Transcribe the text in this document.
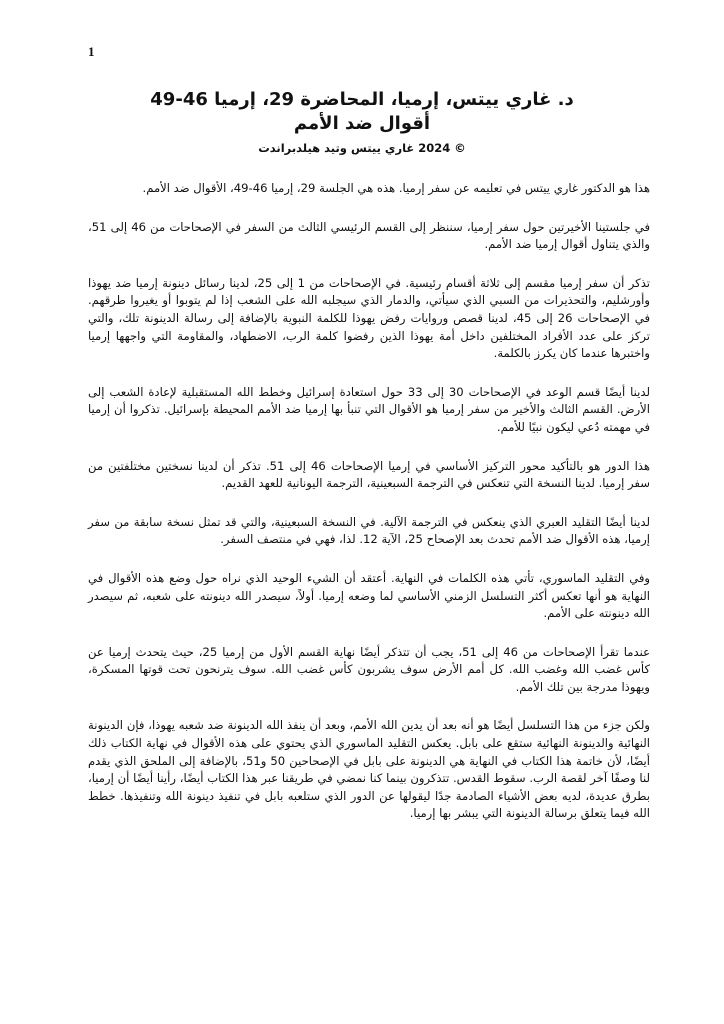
1
د. غاري ييتس، إرميا، المحاضرة 29، إرميا 46-49
أقوال ضد الأمم
© 2024 غاري ييتس وتيد هيلدبراندت

هذا هو الدكتور غاري ييتس في تعليمه عن سفر إرميا. هذه هي الجلسة 29، إرميا 46-49، الأقوال ضد الأمم.

في جلستينا الأخيرتين حول سفر إرميا، سننظر إلى القسم الرئيسي الثالث من السفر في الإصحاحات من 46 إلى 51، والذي يتناول أقوال إرميا ضد الأمم.

تذكر أن سفر إرميا مقسم إلى ثلاثة أقسام رئيسية. في الإصحاحات من 1 إلى 25، لدينا رسائل دينونة إرميا ضد يهوذا وأورشليم، والتحذيرات من السبي الذي سيأتي، والدمار الذي سيجلبه الله على الشعب إذا لم يتوبوا أو يغيروا طرقهم. في الإصحاحات 26 إلى 45، لدينا قصص وروايات رفض يهوذا للكلمة النبوية بالإضافة إلى رسالة الدينونة تلك، والتي تركز على عدد الأفراد المختلفين داخل أمة يهوذا الذين رفضوا كلمة الرب، الاضطهاد، والمقاومة التي واجهها إرميا واختبرها عندما كان يكرز بالكلمة.

لدينا أيضًا قسم الوعد في الإصحاحات 30 إلى 33 حول استعادة إسرائيل وخطط الله المستقبلية لإعادة الشعب إلى الأرض. القسم الثالث والأخير من سفر إرميا هو الأقوال التي تنبأ بها إرميا ضد الأمم المحيطة بإسرائيل. تذكروا أن إرميا في مهمته دُعي ليكون نبيًا للأمم.

هذا الدور هو بالتأكيد محور التركيز الأساسي في إرميا الإصحاحات 46 إلى 51. تذكر أن لدينا نسختين مختلفتين من سفر إرميا. لدينا النسخة التي تنعكس في الترجمة السبعينية، الترجمة اليونانية للعهد القديم.

لدينا أيضًا التقليد العبري الذي ينعكس في الترجمة الآلية. في النسخة السبعينية، والتي قد تمثل نسخة سابقة من سفر إرميا، هذه الأقوال ضد الأمم تحدث بعد الإصحاح 25، الآية 12. لذا، فهي في منتصف السفر.

وفي التقليد الماسوري، تأتي هذه الكلمات في النهاية. أعتقد أن الشيء الوحيد الذي نراه حول وضع هذه الأقوال في النهاية هو أنها تعكس أكثر التسلسل الزمني الأساسي لما وضعه إرميا. أولاً، سيصدر الله دينونته على شعبه، ثم سيصدر الله دينونته على الأمم.

عندما تقرأ الإصحاحات من 46 إلى 51، يجب أن تتذكر أيضًا نهاية القسم الأول من إرميا 25، حيث يتحدث إرميا عن كأس غضب الله وغضب الله. كل أمم الأرض سوف يشربون كأس غضب الله. سوف يترنحون تحت قوتها المسكرة، ويهوذا مدرجة بين تلك الأمم.

ولكن جزء من هذا التسلسل أيضًا هو أنه بعد أن يدين الله الأمم، وبعد أن ينفذ الله الدينونة ضد شعبه يهوذا، فإن الدينونة النهائية والدينونة النهائية ستقع على بابل. يعكس التقليد الماسوري الذي يحتوي على هذه الأقوال في نهاية الكتاب ذلك أيضًا، لأن خاتمة هذا الكتاب في النهاية هي الدينونة على بابل في الإصحاحين 50 و51، بالإضافة إلى الملحق الذي يقدم لنا وصفًا آخر لقصة الرب. سقوط القدس. تتذكرون بينما كنا نمضي في طريقنا عبر هذا الكتاب أيضًا، رأينا أيضًا أن إرميا، بطرق عديدة، لديه بعض الأشياء الصادمة جدًا ليقولها عن الدور الذي ستلعبه بابل في تنفيذ دينونة الله وتنفيذها. خطط الله فيما يتعلق برسالة الدينونة التي يبشر بها إرميا.
